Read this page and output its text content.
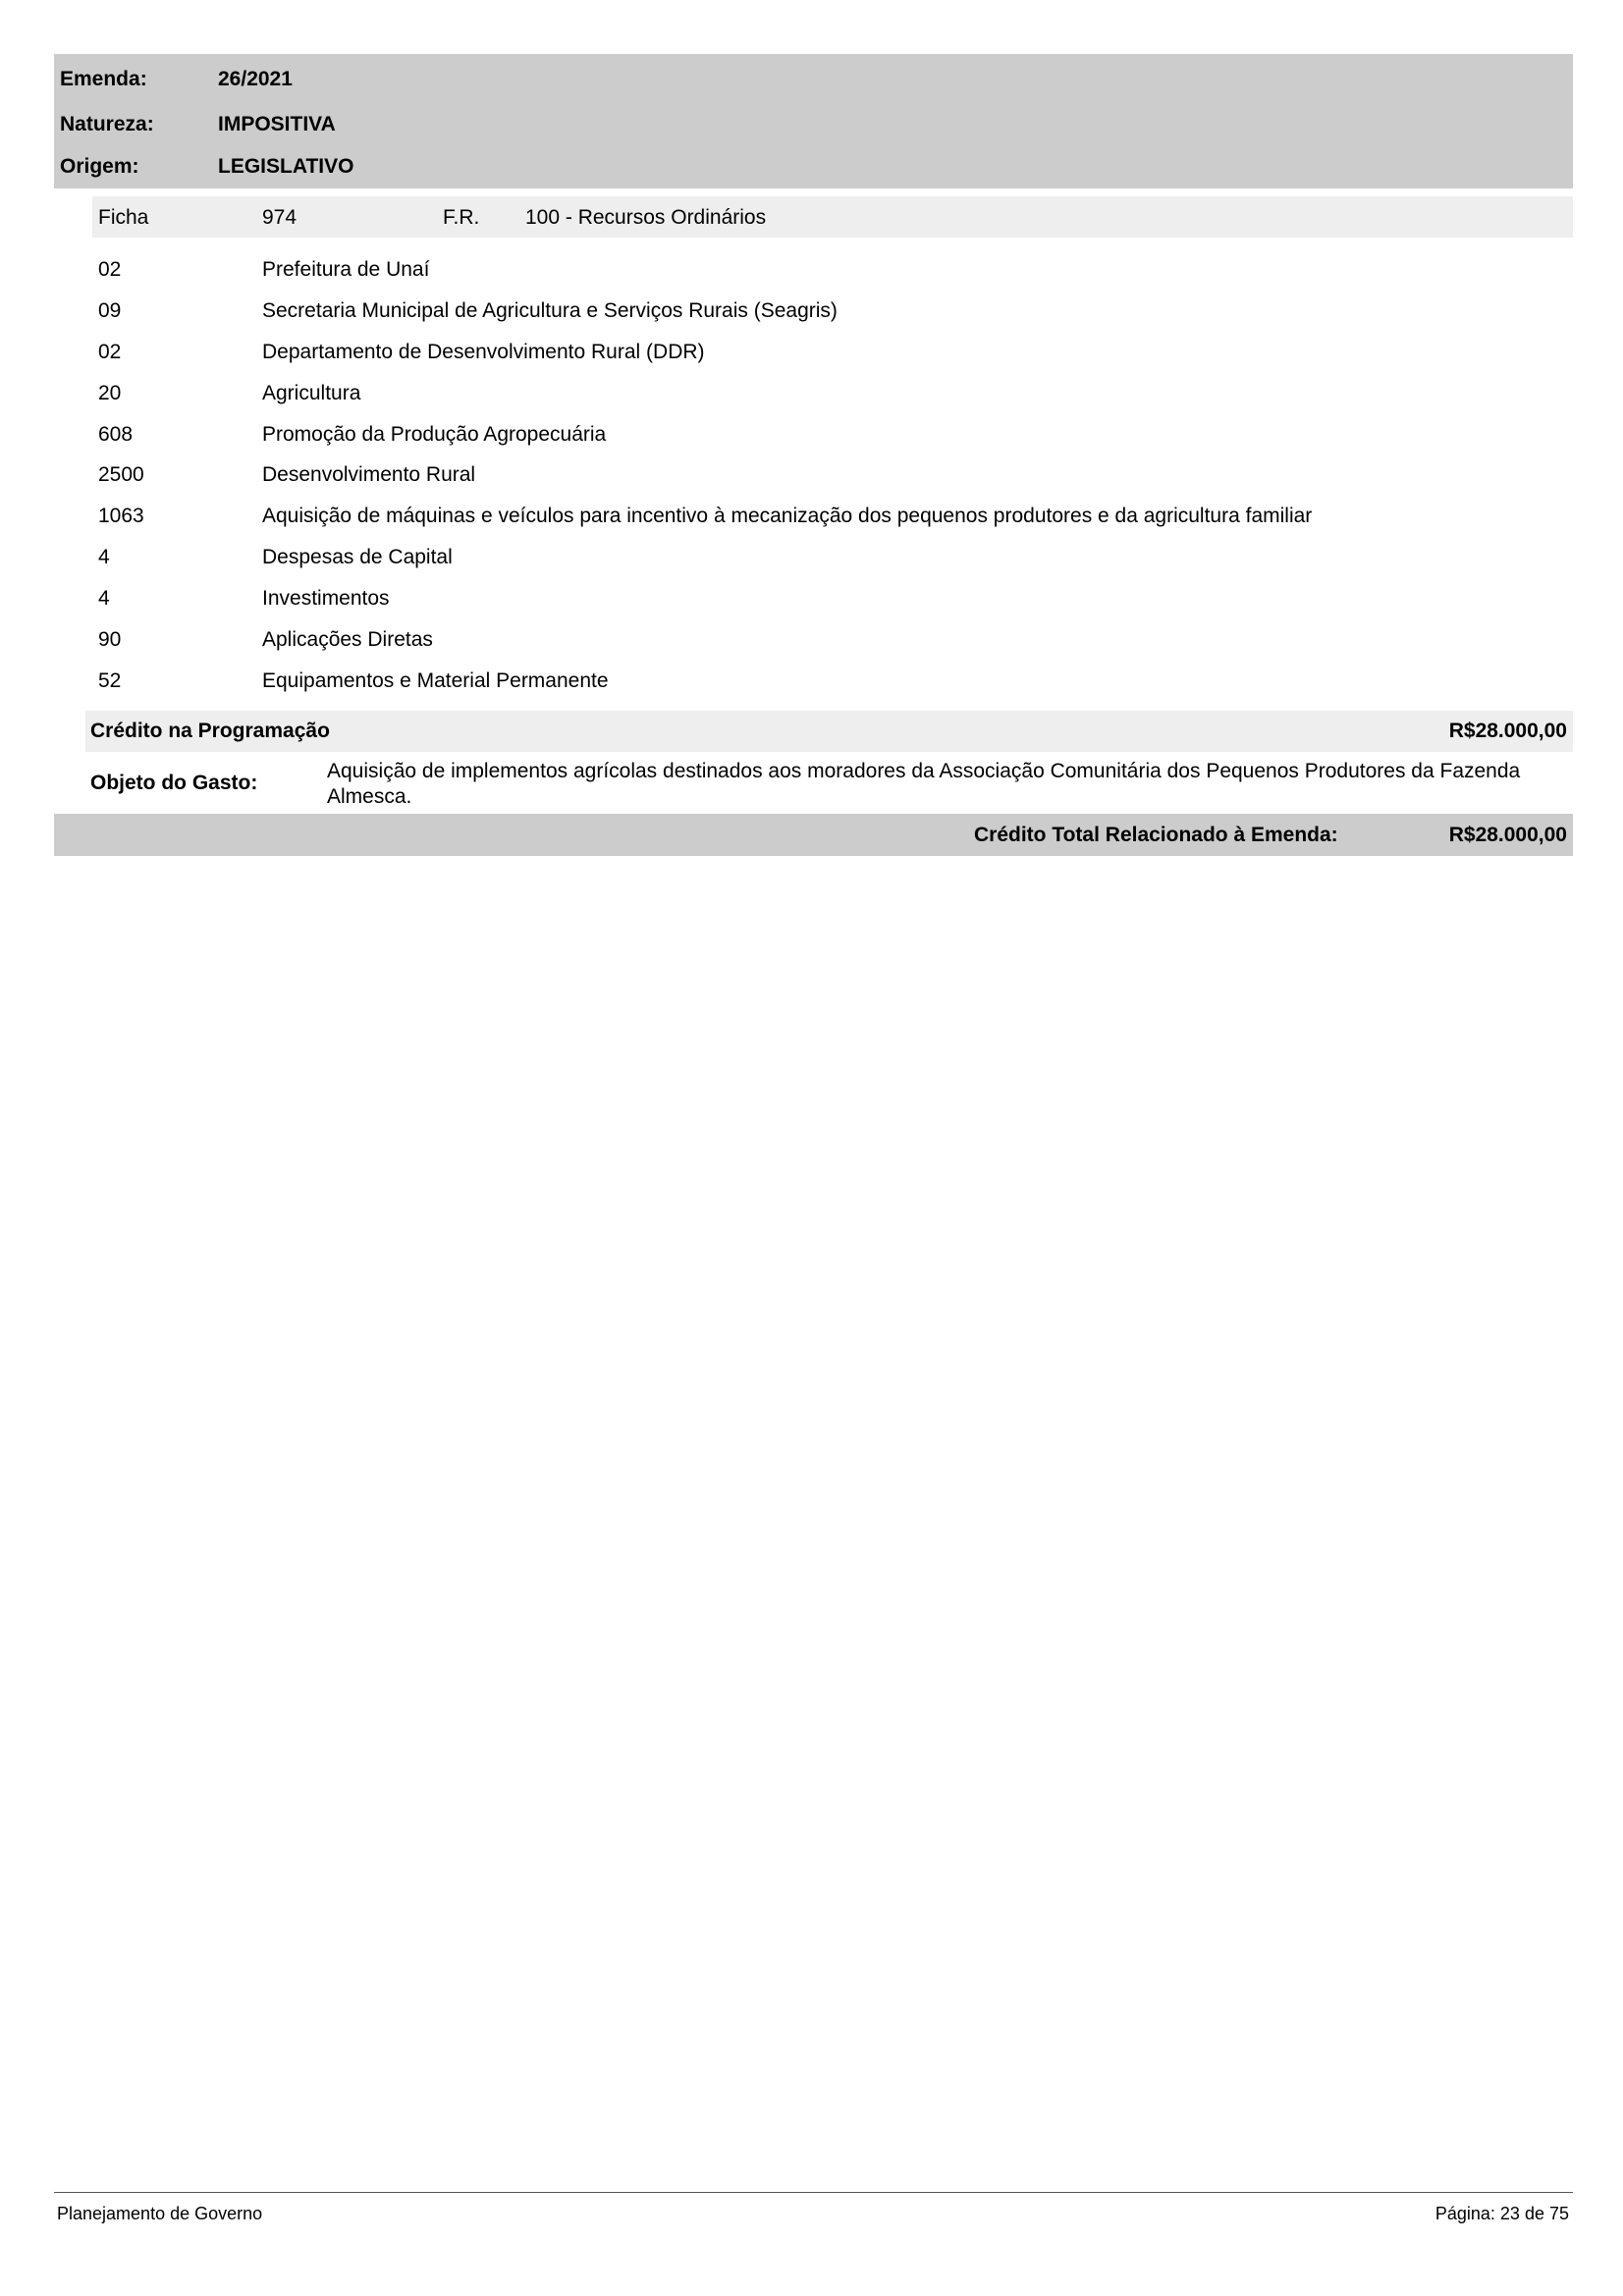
Emenda:	26/2021
Natureza:	IMPOSITIVA
Origem:	LEGISLATIVO
Ficha	974	F.R. 100 - Recursos Ordinários
02	Prefeitura de Unaí
09	Secretaria Municipal de Agricultura e Serviços Rurais (Seagris)
02	Departamento de Desenvolvimento Rural (DDR)
20	Agricultura
608	Promoção da Produção Agropecuária
2500	Desenvolvimento Rural
1063	Aquisição de máquinas e veículos para incentivo à mecanização dos pequenos produtores e da agricultura familiar
4	Despesas de Capital
4	Investimentos
90	Aplicações Diretas
52	Equipamentos e Material Permanente
Crédito na Programação	R$28.000,00
Objeto do Gasto:
Aquisição de implementos agrícolas destinados aos moradores da Associação Comunitária dos Pequenos Produtores da Fazenda Almesca.
Crédito Total Relacionado à Emenda:	R$28.000,00
Planejamento de Governo	Página: 23 de 75
